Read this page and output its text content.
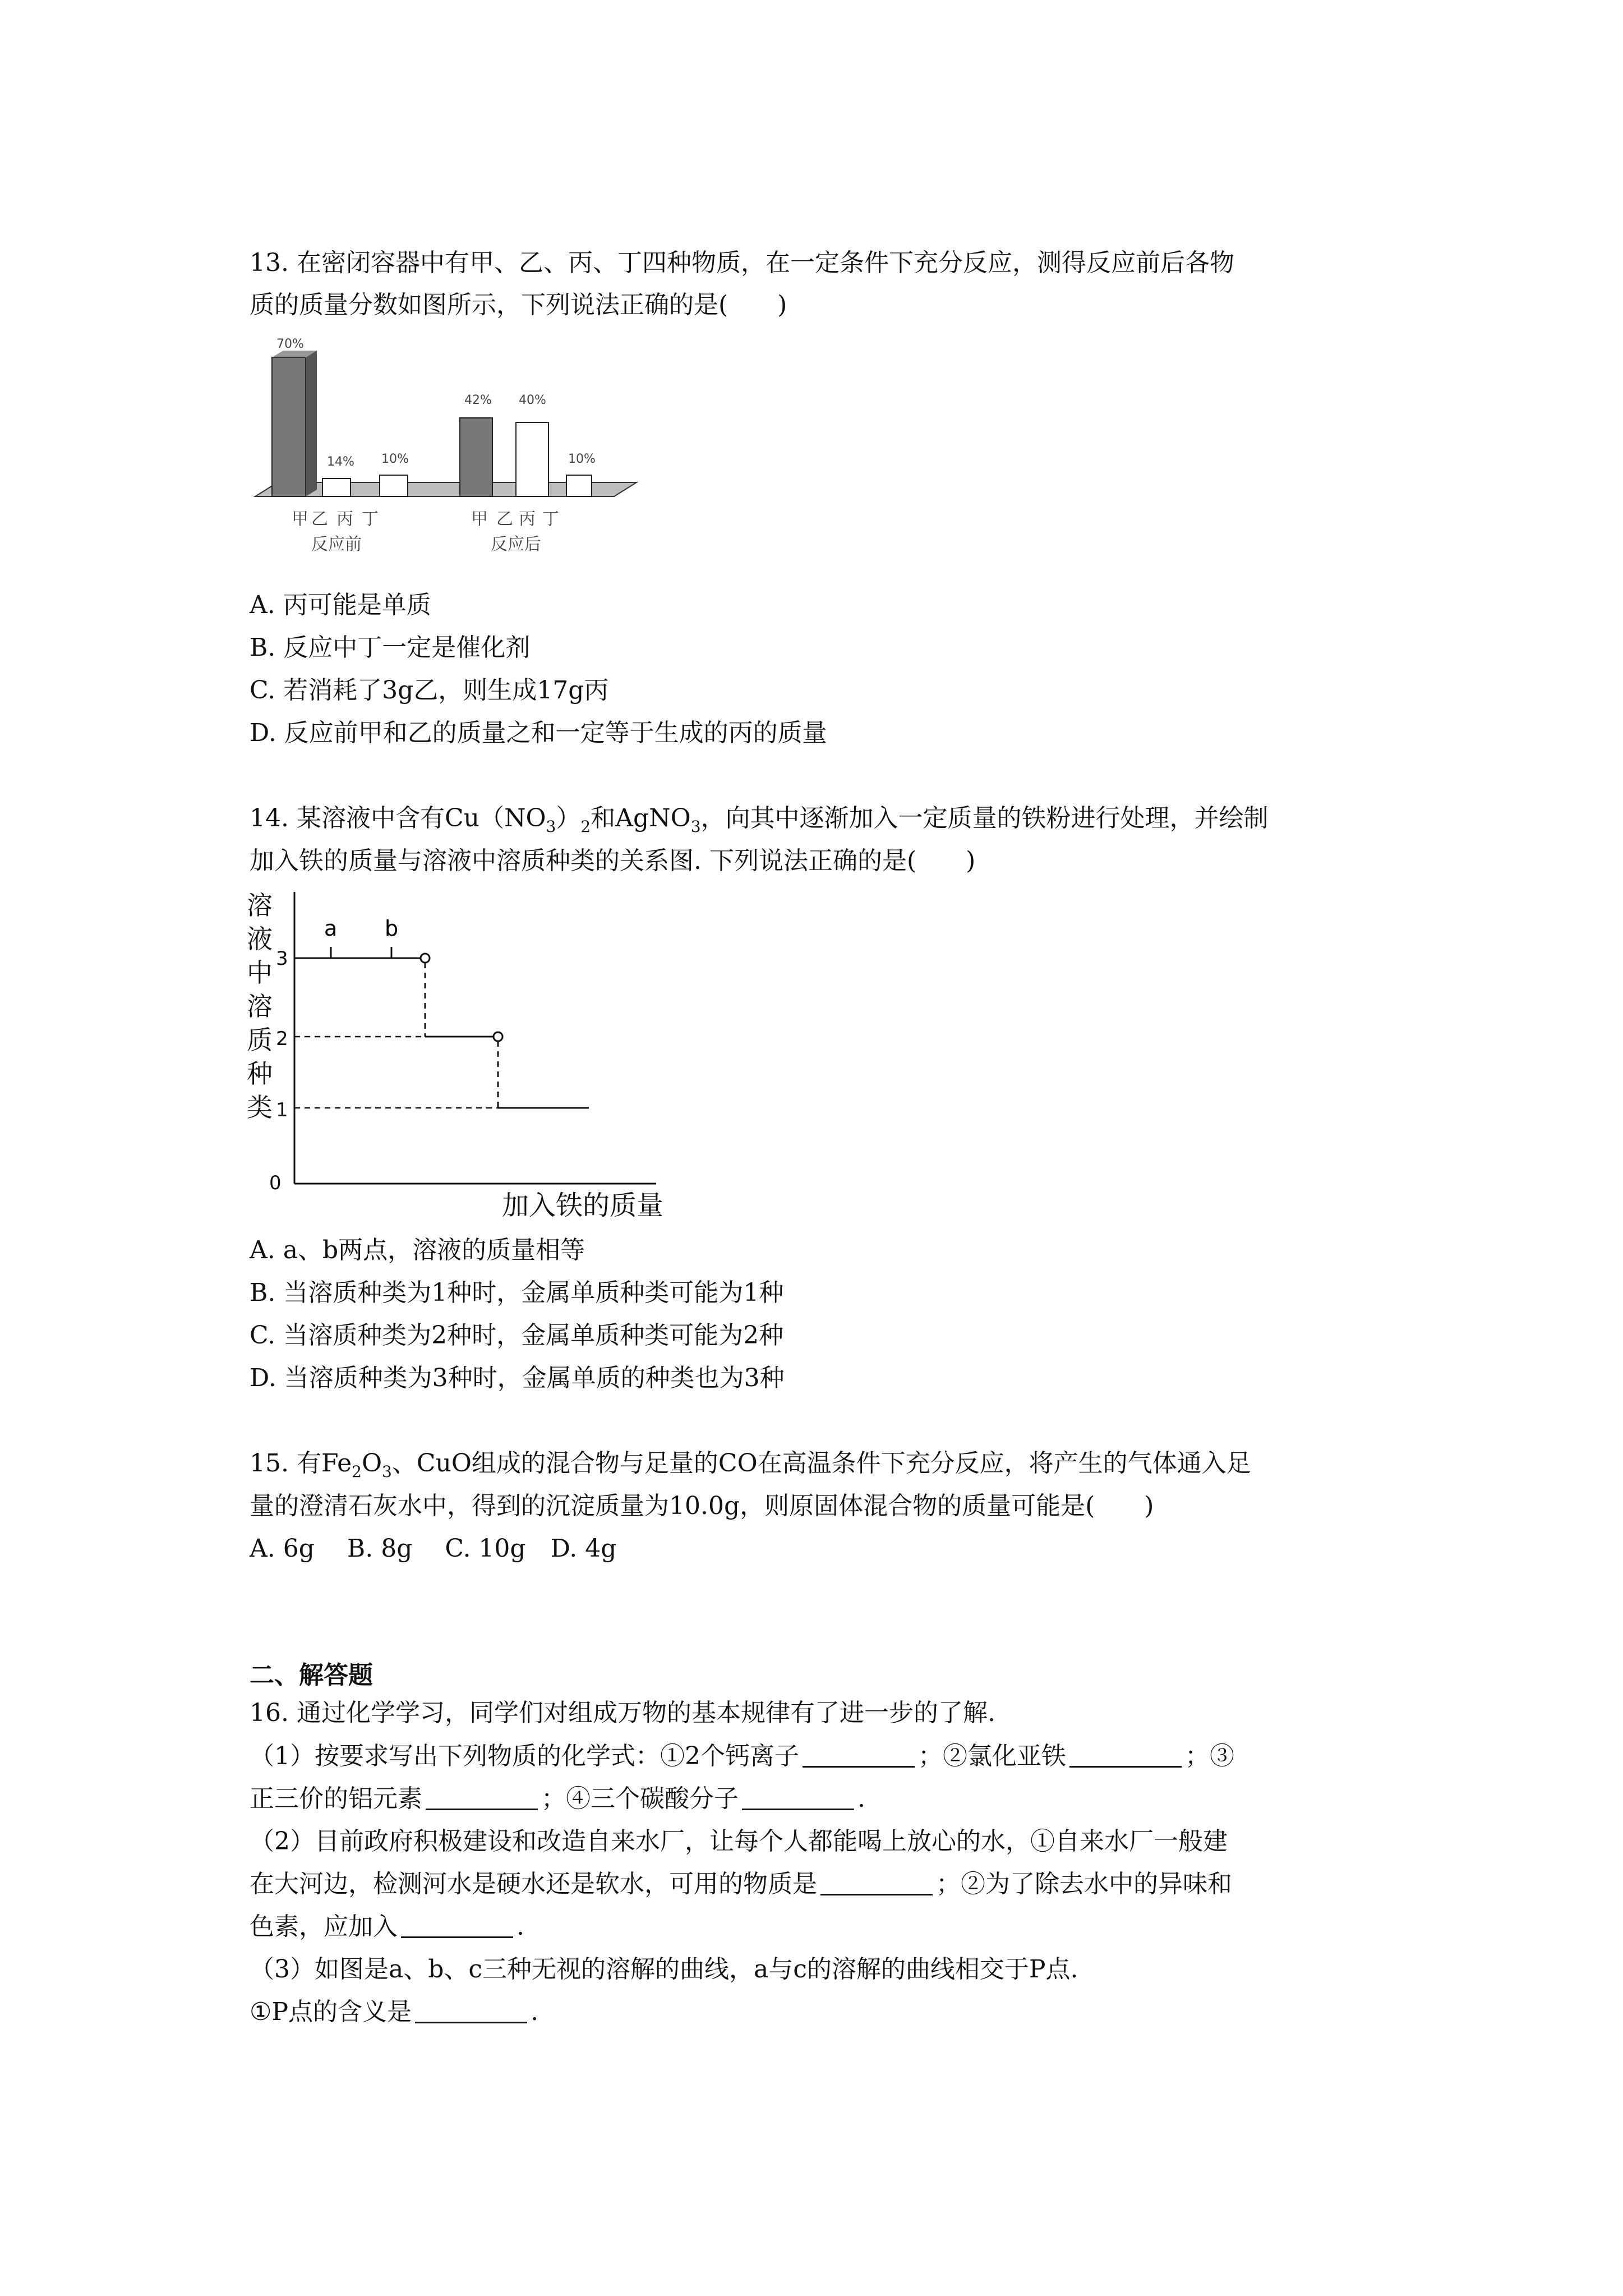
13. 在密闭容器中有甲、乙、丙、丁四种物质，在一定条件下充分反应，测得反应前后各物
质的质量分数如图所示，下列说法正确的是(　　)
70%
14% 10%
42% 40%
10%
甲 乙 丙 丁
反应前
甲 乙 丙 丁
反应后
A. 丙可能是单质
B. 反应中丁一定是催化剂
C. 若消耗了3g乙，则生成17g丙
D. 反应前甲和乙的质量之和一定等于生成的丙的质量
14. 某溶液中含有$Cu(NO_3)_2$和AgNO$_3$，向其中逐渐加入一定质量的铁粉进行处理，并绘制
加入铁的质量与溶液中溶质种类的关系图. 下列说法正确的是(　　)
溶
液
中
溶
质
种
类
3
2
1
0
a b
加入铁的质量
A. a、b两点，溶液的质量相等
B. 当溶质种类为1种时，金属单质种类可能为1种
C. 当溶质种类为2种时，金属单质种类可能为2种
D. 当溶质种类为3种时，金属单质的种类也为3种
15. 有$Fe_2O_3$、CuO组成的混合物与足量的CO在高温条件下充分反应，将产生的气体通入足
量的澄清石灰水中，得到的沉淀质量为10.0g，则原固体混合物的质量可能是(　　)
A. 6g　 B. 8g　 C. 10g　D. 4g
二、解答题
16. 通过化学学习，同学们对组成万物的基本规律有了进一步的了解.
（1）按要求写出下列物质的化学式：①2个钙离子	；②氯化亚铁	；③
正三价的铝元素	；④三个碳酸分子	.
（2）目前政府积极建设和改造自来水厂，让每个人都能喝上放心的水，①自来水厂一般建
在大河边，检测河水是硬水还是软水，可用的物质是	；②为了除去水中的异味和
色素，应加入	.
（3）如图是a、b、c三种无视的溶解的曲线，a与c的溶解的曲线相交于P点.
①P点的含义是	.
